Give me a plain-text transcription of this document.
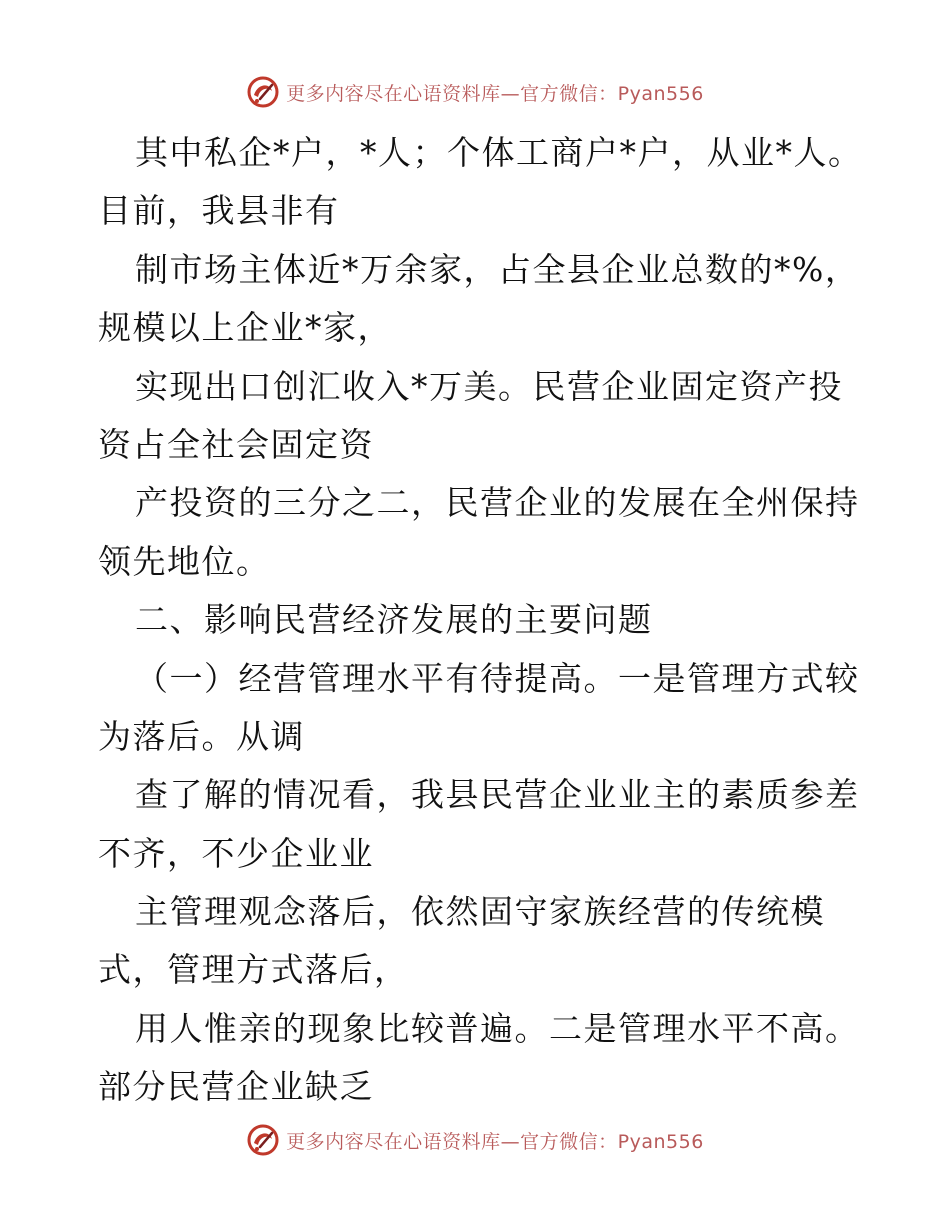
更多内容尽在心语资料库—官方微信：Pyan556
其中私企*户，*人；个体工商户*户，从业*人。
目前，我县非有
制市场主体近*万余家，占全县企业总数的*%，
规模以上企业*家，
实现出口创汇收入*万美。民营企业固定资产投
资占全社会固定资
产投资的三分之二，民营企业的发展在全州保持
领先地位。
二、影响民营经济发展的主要问题
（一）经营管理水平有待提高。一是管理方式较
为落后。从调
查了解的情况看，我县民营企业业主的素质参差
不齐，不少企业业
主管理观念落后，依然固守家族经营的传统模
式，管理方式落后，
用人惟亲的现象比较普遍。二是管理水平不高。
部分民营企业缺乏
更多内容尽在心语资料库—官方微信：Pyan556
